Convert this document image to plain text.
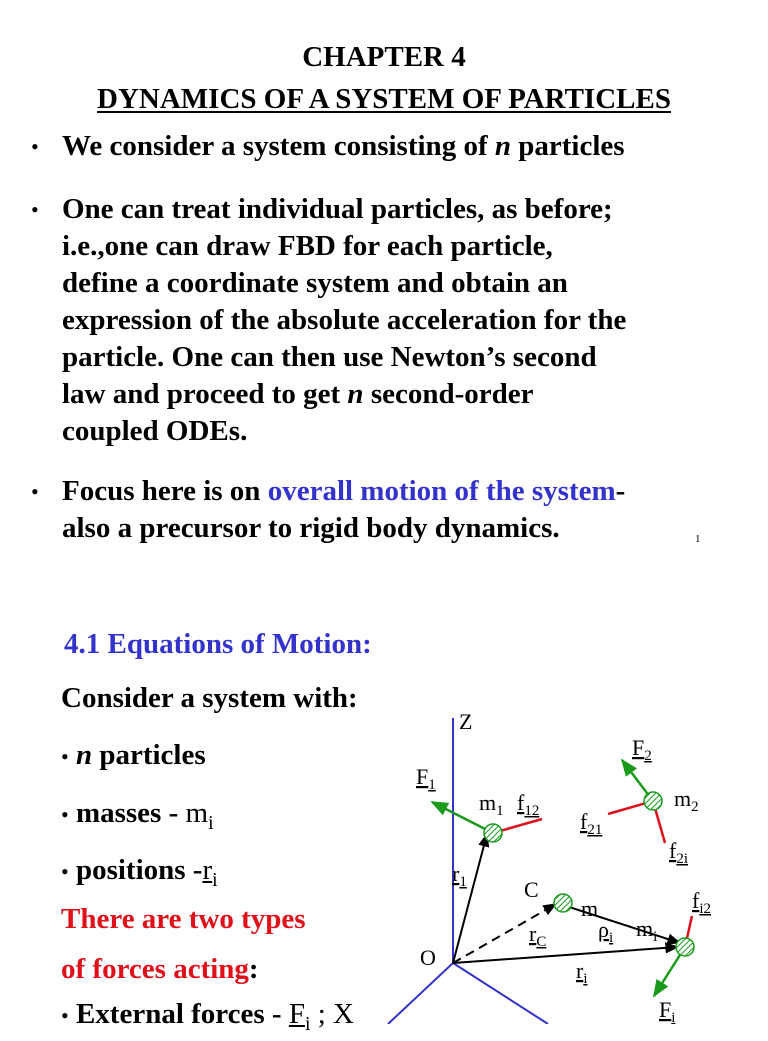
CHAPTER 4
DYNAMICS OF A SYSTEM OF PARTICLES
• We consider a system consisting of n particles
• One can treat individual particles, as before;
i.e.,one can draw FBD for each particle,
define a coordinate system and obtain an
expression of the absolute acceleration for the
particle. One can then use Newton’s second
law and proceed to get n second-order
coupled ODEs.
• Focus here is on overall motion of the system-
also a precursor to rigid body dynamics.	1
4.1 Equations of Motion:
Consider a system with:
• n particles
• masses - $m_i$
• positions $-r_i$
There are two types
of forces acting:
• External forces - $F_i$ ; X
Z
O
C
$F_1$
$F_2$
$F_i$
$m_1$	$m_2$
m
$m_i$
$f_{12}$ $f_{21}$
$f_{2i}$
$f_{i2}$
$r_1$
$r_C$ $\rho_i$
$r_i$
